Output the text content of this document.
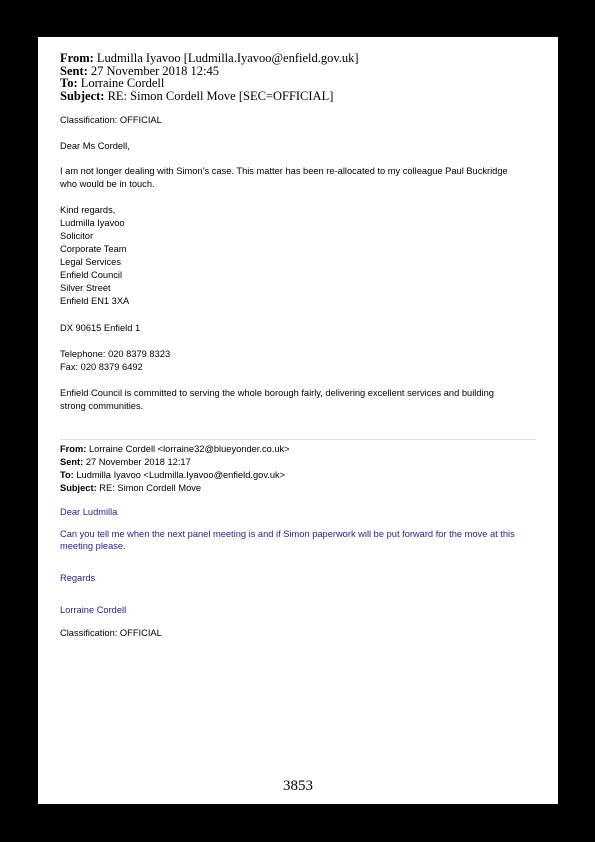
From: Ludmilla Iyavoo [Ludmilla.Iyavoo@enfield.gov.uk]
Sent: 27 November 2018 12:45
To: Lorraine Cordell
Subject: RE: Simon Cordell Move [SEC=OFFICIAL]
Classification: OFFICIAL
Dear Ms Cordell,
I am not longer dealing with Simon’s case. This matter has been re-allocated to my colleague Paul Buckridge
who would be in touch.
Kind regards,
Ludmilla Iyavoo
Solicitor
Corporate Team
Legal Services
Enfield Council
Silver Street
Enfield EN1 3XA
DX 90615 Enfield 1
Telephone: 020 8379 8323
Fax: 020 8379 6492
Enfield Council is committed to serving the whole borough fairly, delivering excellent services and building
strong communities.
From: Lorraine Cordell <lorraine32@blueyonder.co.uk>
Sent: 27 November 2018 12:17
To: Ludmilla Iyavoo <Ludmilla.Iyavoo@enfield.gov.uk>
Subject: RE: Simon Cordell Move
Dear Ludmilla
Can you tell me when the next panel meeting is and if Simon paperwork will be put forward for the move at this
meeting please.
Regards
Lorraine Cordell
Classification: OFFICIAL
3853
